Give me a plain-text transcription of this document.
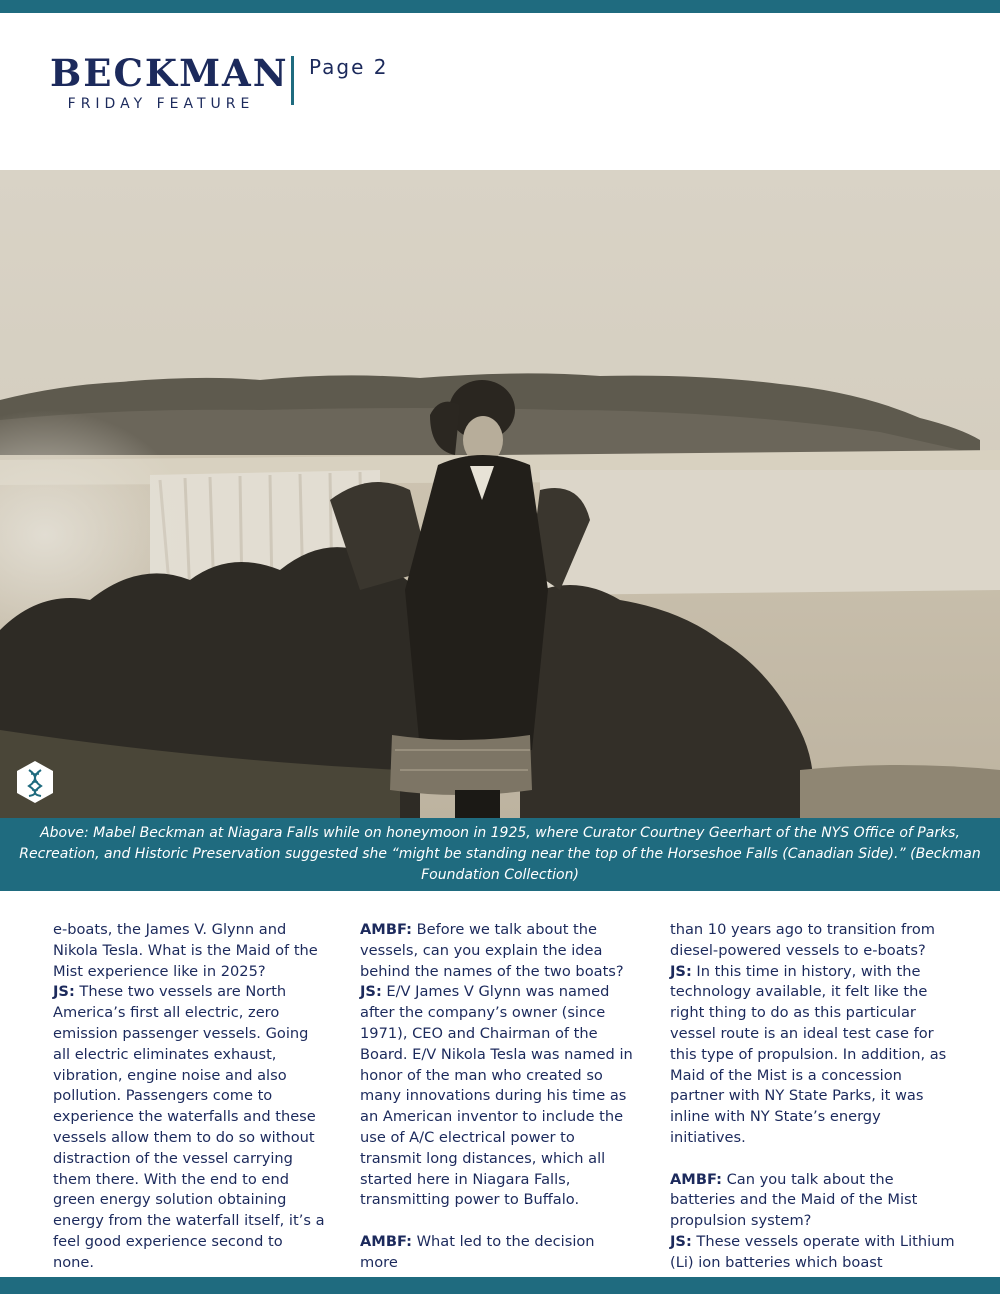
BECKMAN
FRIDAY FEATURE
Page 2

Above: Mabel Beckman at Niagara Falls while on honeymoon in 1925, where Curator Courtney Geerhart of the NYS Office of Parks, Recreation, and Historic Preservation suggested she “might be standing near the top of the Horseshoe Falls (Canadian Side).” (Beckman Foundation Collection)

e-boats, the James V. Glynn and Nikola Tesla. What is the Maid of the Mist experience like in 2025?

JS: These two vessels are North America’s first all electric, zero emission passenger vessels. Going all electric eliminates exhaust, vibration, engine noise and also pollution. Passengers come to experience the waterfalls and these vessels allow them to do so without distraction of the vessel carrying them there. With the end to end green energy solution obtaining energy from the waterfall itself, it’s a feel good experience second to none.

AMBF: Before we talk about the vessels, can you explain the idea behind the names of the two boats?

JS: E/V James V Glynn was named after the company’s owner (since 1971), CEO and Chairman of the Board. E/V Nikola Tesla was named in honor of the man who created so many innovations during his time as an American inventor to include the use of A/C electrical power to transmit long distances, which all started here in Niagara Falls, transmitting power to Buffalo.

AMBF: What led to the decision more

than 10 years ago to transition from diesel-powered vessels to e-boats?

JS: In this time in history, with the technology available, it felt like the right thing to do as this particular vessel route is an ideal test case for this type of propulsion. In addition, as Maid of the Mist is a concession partner with NY State Parks, it was inline with NY State’s energy initiatives.

AMBF: Can you talk about the batteries and the Maid of the Mist propulsion system?

JS: These vessels operate with Lithium (Li) ion batteries which boast
